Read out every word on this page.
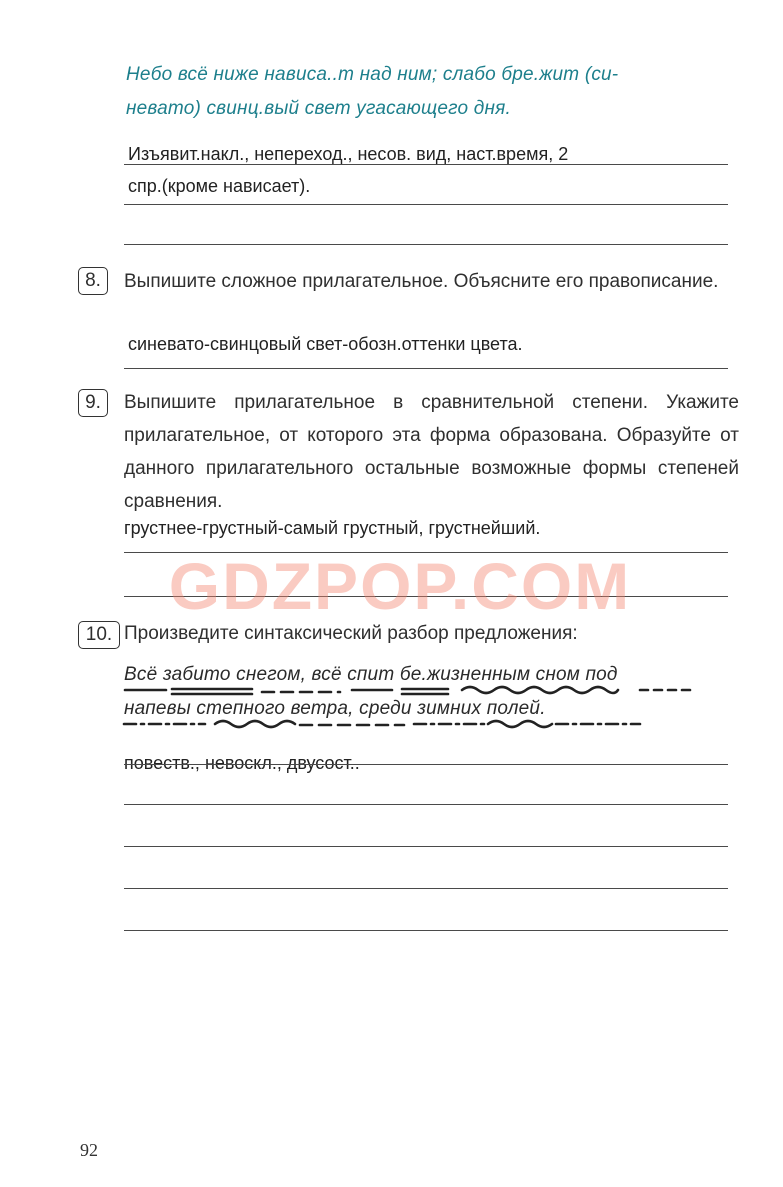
Небо всё ниже нависа..т над ним; слабо бре.жит (си-
невато) свинц.вый свет угасающего дня.
Изъявит.накл., непереход., несов. вид, наст.время, 2
спр.(кроме нависает).
8.	Выпишите сложное прилагательное. Объясните его правописание.
синевато-свинцовый свет-обозн.оттенки цвета.
9.	Выпишите прилагательное в сравнительной степени. Укажите прилагательное, от которого эта форма образована. Образуйте от данного прилагательного остальные возможные формы степеней сравнения.
грустнее-грустный-самый грустный, грустнейший.
GDZPOP.COM
10. Произведите синтаксический разбор предложения:
Всё забито снегом, всё спит бе.жизненным сном под
напевы степного ветра, среди зимних полей.
повеств., невоскл., двусост..
92
